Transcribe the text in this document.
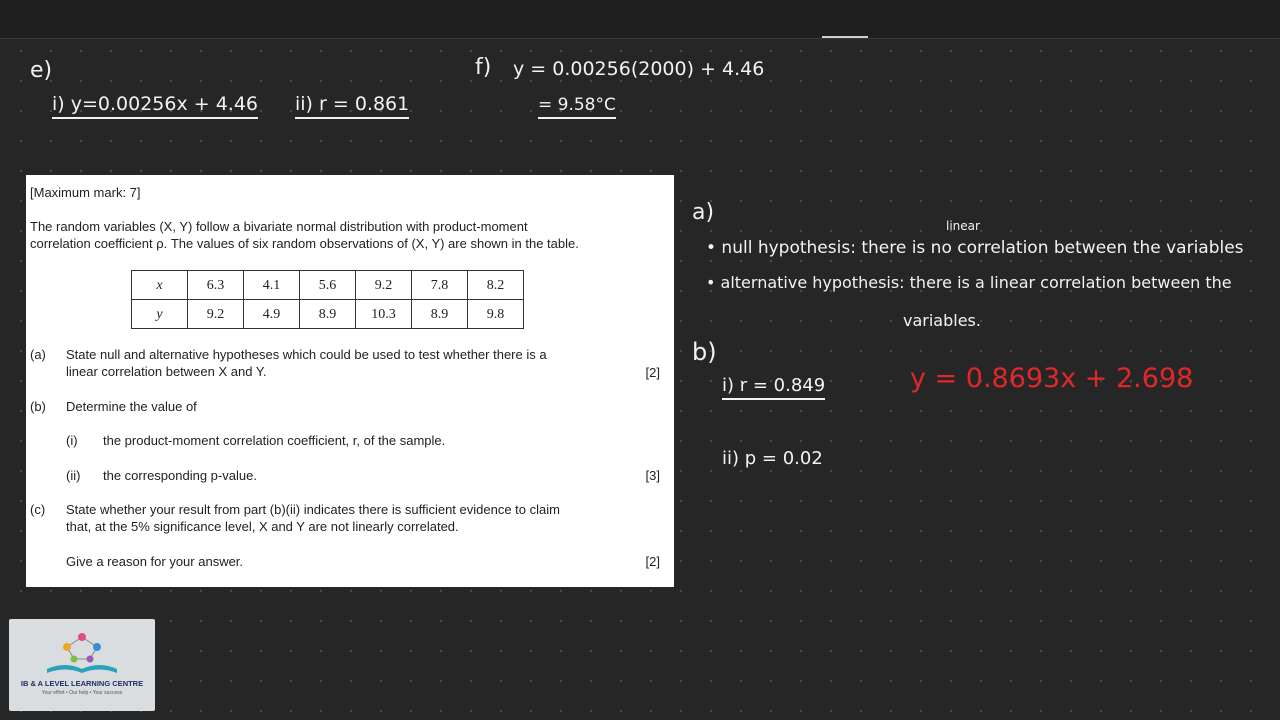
e)
i) y=0.00256x + 4.46 ii) r = 0.861
f) y = 0.00256(2000) + 4.46
= 9.58°C
[Maximum mark: 7]
The random variables (X, Y) follow a bivariate normal distribution with product-moment
correlation coefficient ρ. The values of six random observations of (X, Y) are shown in the table.
x	6.3	4.1	5.6	9.2	7.8	8.2
y	9.2	4.9	8.9	10.3	8.9	9.8
(a) State null and alternative hypotheses which could be used to test whether there is a
linear correlation between X and Y.	[2]
(b) Determine the value of
(i) the product-moment correlation coefficient, r, of the sample.
(ii) the corresponding p-value.	[3]
(c) State whether your result from part (b)(ii) indicates there is sufficient evidence to claim
that, at the 5% significance level, X and Y are not linearly correlated.
Give a reason for your answer.	[2]
a)
linear
• null hypothesis: there is no correlation between the variables
• alternative hypothesis: there is a linear correlation between the
variables.
b)
i) r = 0.849	y = 0.8693x + 2.698
ii) p = 0.02
IB & A LEVEL LEARNING CENTRE
Your effort • Our help • Your success
